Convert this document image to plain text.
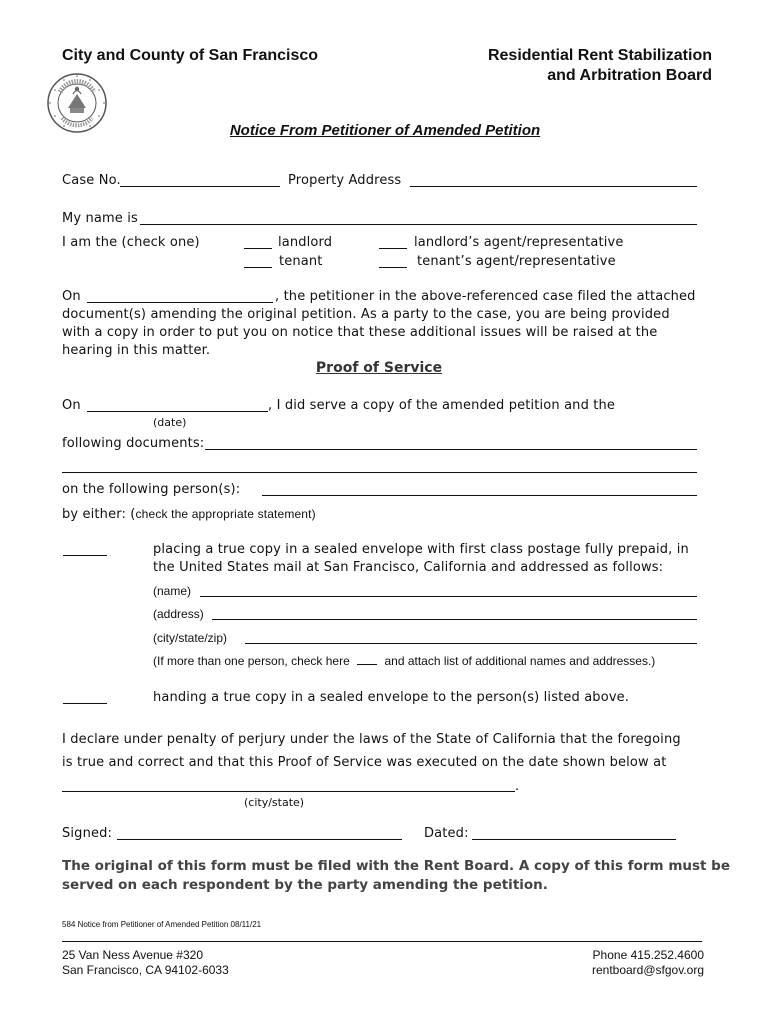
City and County of San Francisco	Residential Rent Stabilization
and Arbitration Board
Notice From Petitioner of Amended Petition
Case No.	Property Address
My name is
I am the (check one)	landlord	landlord’s agent/representative
tenant	tenant’s agent/representative
On	, the petitioner in the above-referenced case filed the attached
document(s) amending the original petition. As a party to the case, you are being provided
with a copy in order to put you on notice that these additional issues will be raised at the
hearing in this matter.
Proof of Service
On	, I did serve a copy of the amended petition and the
(date)
following documents:
on the following person(s):
by either: (check the appropriate statement)
placing a true copy in a sealed envelope with first class postage fully prepaid, in
the United States mail at San Francisco, California and addressed as follows:
(name)
(address)
(city/state/zip)
(If more than one person, check here	and attach list of additional names and addresses.)
handing a true copy in a sealed envelope to the person(s) listed above.
I declare under penalty of perjury under the laws of the State of California that the foregoing
is true and correct and that this Proof of Service was executed on the date shown below at
.
(city/state)
Signed:	Dated:
The original of this form must be filed with the Rent Board. A copy of this form must be
served on each respondent by the party amending the petition.
584 Notice from Petitioner of Amended Petition 08/11/21
25 Van Ness Avenue #320
San Francisco, CA 94102-6033
Phone 415.252.4600
rentboard@sfgov.org
